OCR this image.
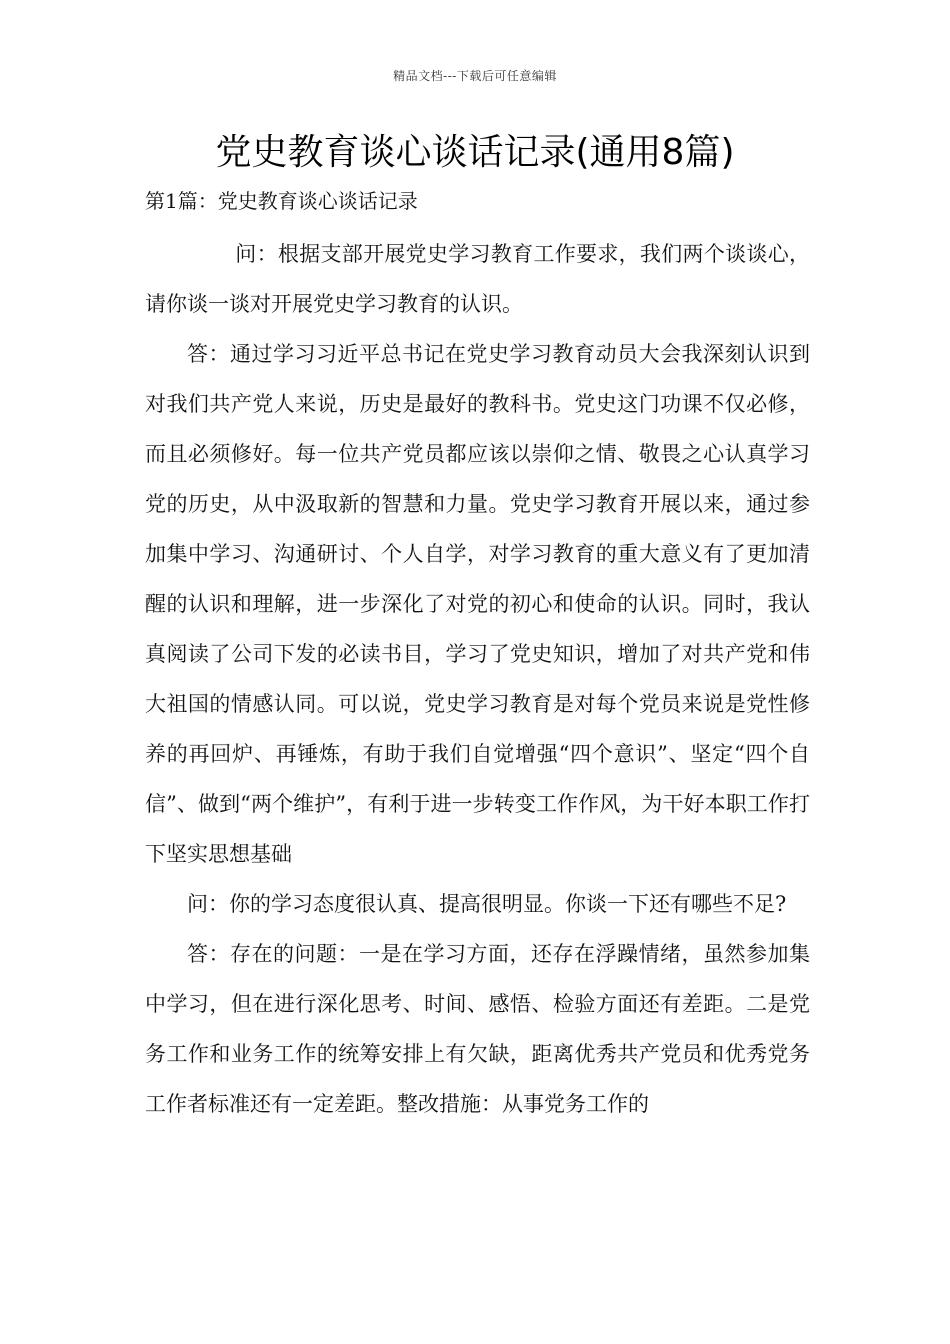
精品文档---下载后可任意编辑
党史教育谈心谈话记录(通用8篇)
第1篇：党史教育谈心谈话记录

问：根据支部开展党史学习教育工作要求，我们两个谈谈心，请你谈一谈对开展党史学习教育的认识。

答：通过学习习近平总书记在党史学习教育动员大会我深刻认识到对我们共产党人来说，历史是最好的教科书。党史这门功课不仅必修，而且必须修好。每一位共产党员都应该以崇仰之情、敬畏之心认真学习党的历史，从中汲取新的智慧和力量。党史学习教育开展以来，通过参加集中学习、沟通研讨、个人自学，对学习教育的重大意义有了更加清醒的认识和理解，进一步深化了对党的初心和使命的认识。同时，我认真阅读了公司下发的必读书目，学习了党史知识，增加了对共产党和伟大祖国的情感认同。可以说，党史学习教育是对每个党员来说是党性修养的再回炉、再锤炼，有助于我们自觉增强“四个意识”、坚定“四个自信”、做到“两个维护”，有利于进一步转变工作作风，为干好本职工作打下坚实思想基础

问：你的学习态度很认真、提高很明显。你谈一下还有哪些不足?

答：存在的问题：一是在学习方面，还存在浮躁情绪，虽然参加集中学习，但在进行深化思考、时间、感悟、检验方面还有差距。二是党务工作和业务工作的统筹安排上有欠缺，距离优秀共产党员和优秀党务工作者标准还有一定差距。整改措施：从事党务工作的
